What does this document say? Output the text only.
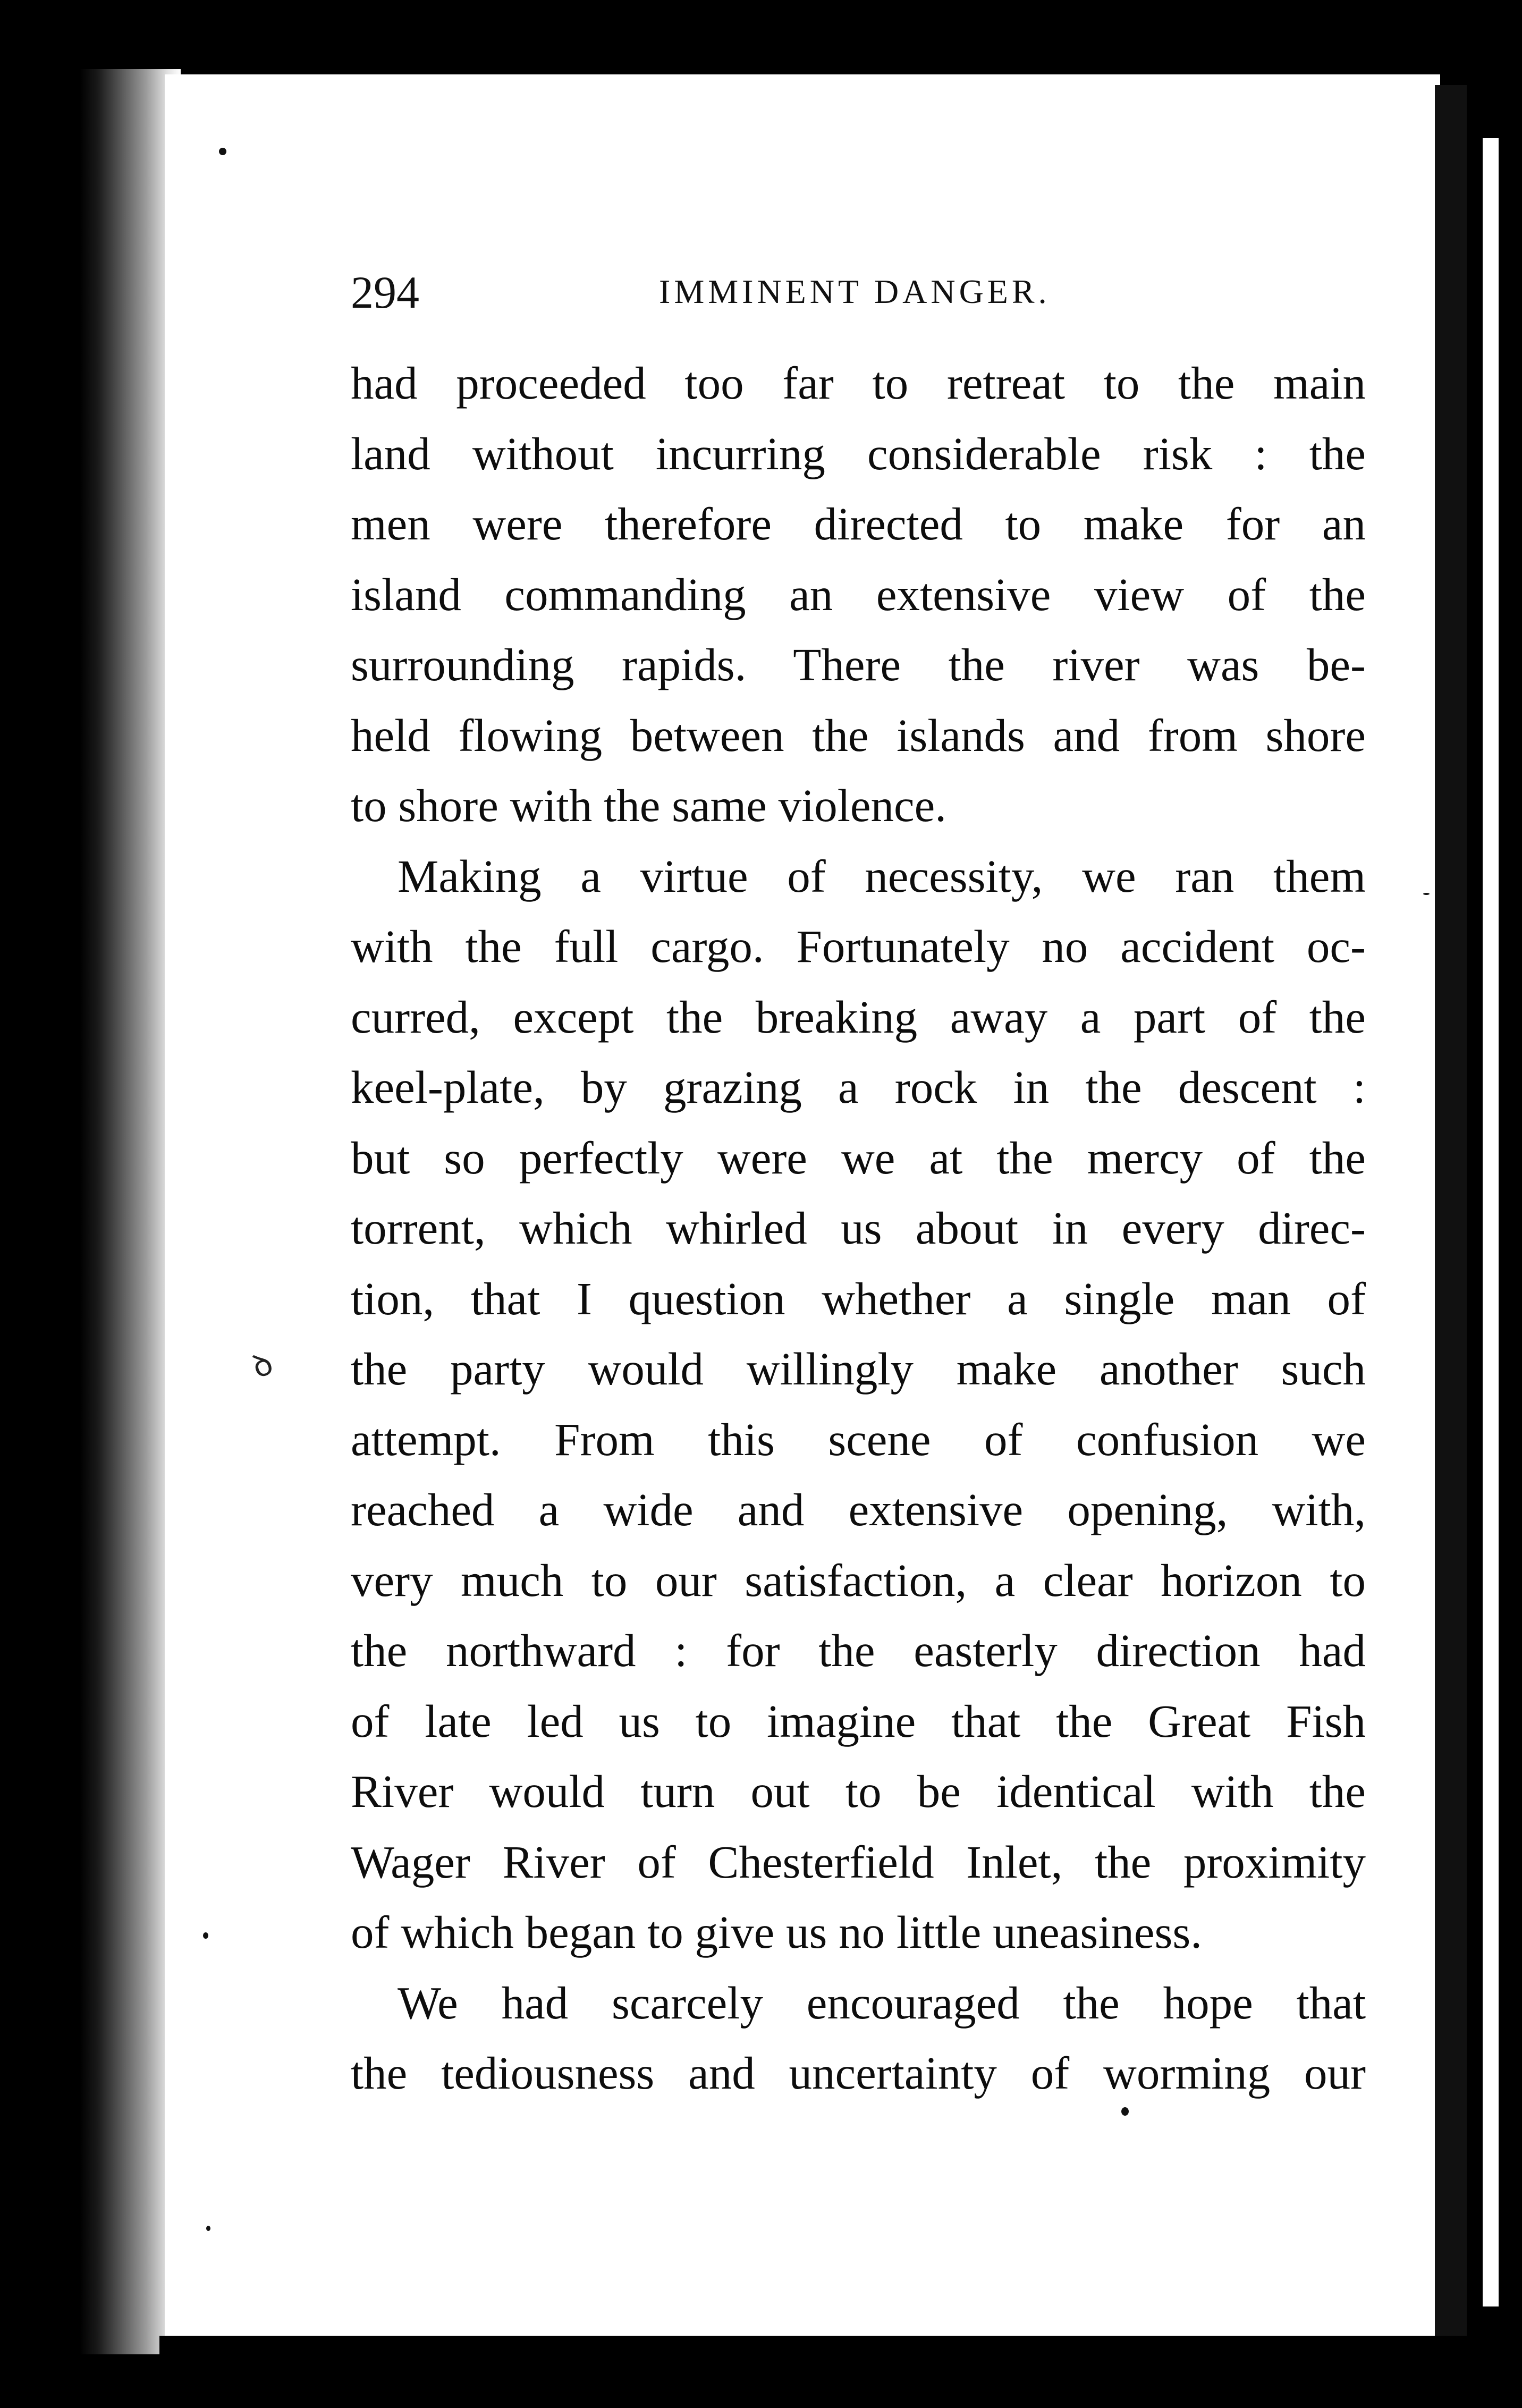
294	IMMINENT DANGER.
had proceeded too far to retreat to the main
land without incurring considerable risk : the
men were therefore directed to make for an
island commanding an extensive view of the
surrounding rapids. There the river was be-
held flowing between the islands and from shore
to shore with the same violence.
Making a virtue of necessity, we ran them
with the full cargo. Fortunately no accident oc-
curred, except the breaking away a part of the
keel-plate, by grazing a rock in the descent :
but so perfectly were we at the mercy of the
torrent, which whirled us about in every direc-
tion, that I question whether a single man of
the party would willingly make another such
attempt. From this scene of confusion we
reached a wide and extensive opening, with,
very much to our satisfaction, a clear horizon to
the northward : for the easterly direction had
of late led us to imagine that the Great Fish
River would turn out to be identical with the
Wager River of Chesterfield Inlet, the proximity
of which began to give us no little uneasiness.
We had scarcely encouraged the hope that
the tediousness and uncertainty of worming our
ꝺ
